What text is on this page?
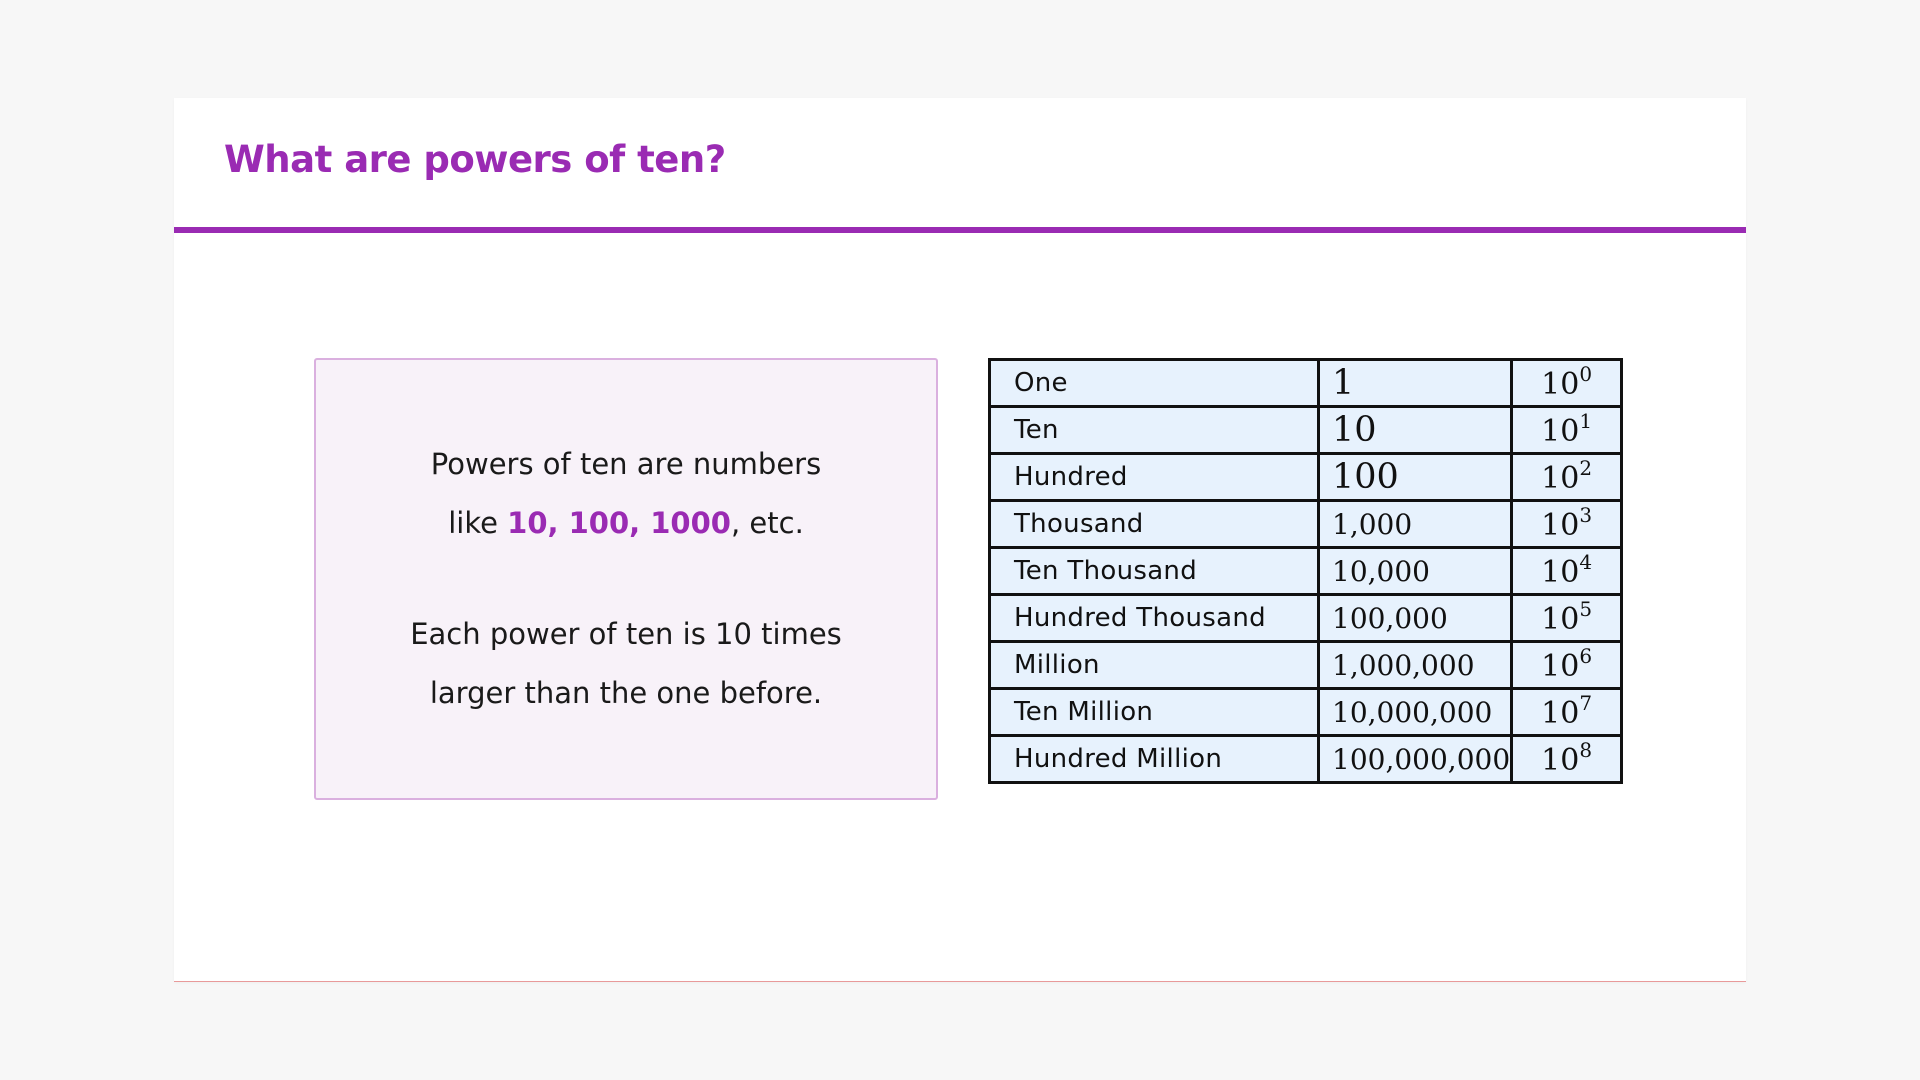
What are powers of ten?

Powers of ten are numbers

like 10, 100, 1000, etc.

Each power of ten is 10 times

larger than the one before.

One	1	$10^0$
Ten	10	$10^1$
Hundred	100	$10^2$
Thousand	1,000	$10^3$
Ten Thousand	10,000	$10^4$
Hundred Thousand	100,000	$10^5$
Million	1,000,000	$10^6$
Ten Million	10,000,000	$10^7$
Hundred Million	100,000,000	$10^8$
